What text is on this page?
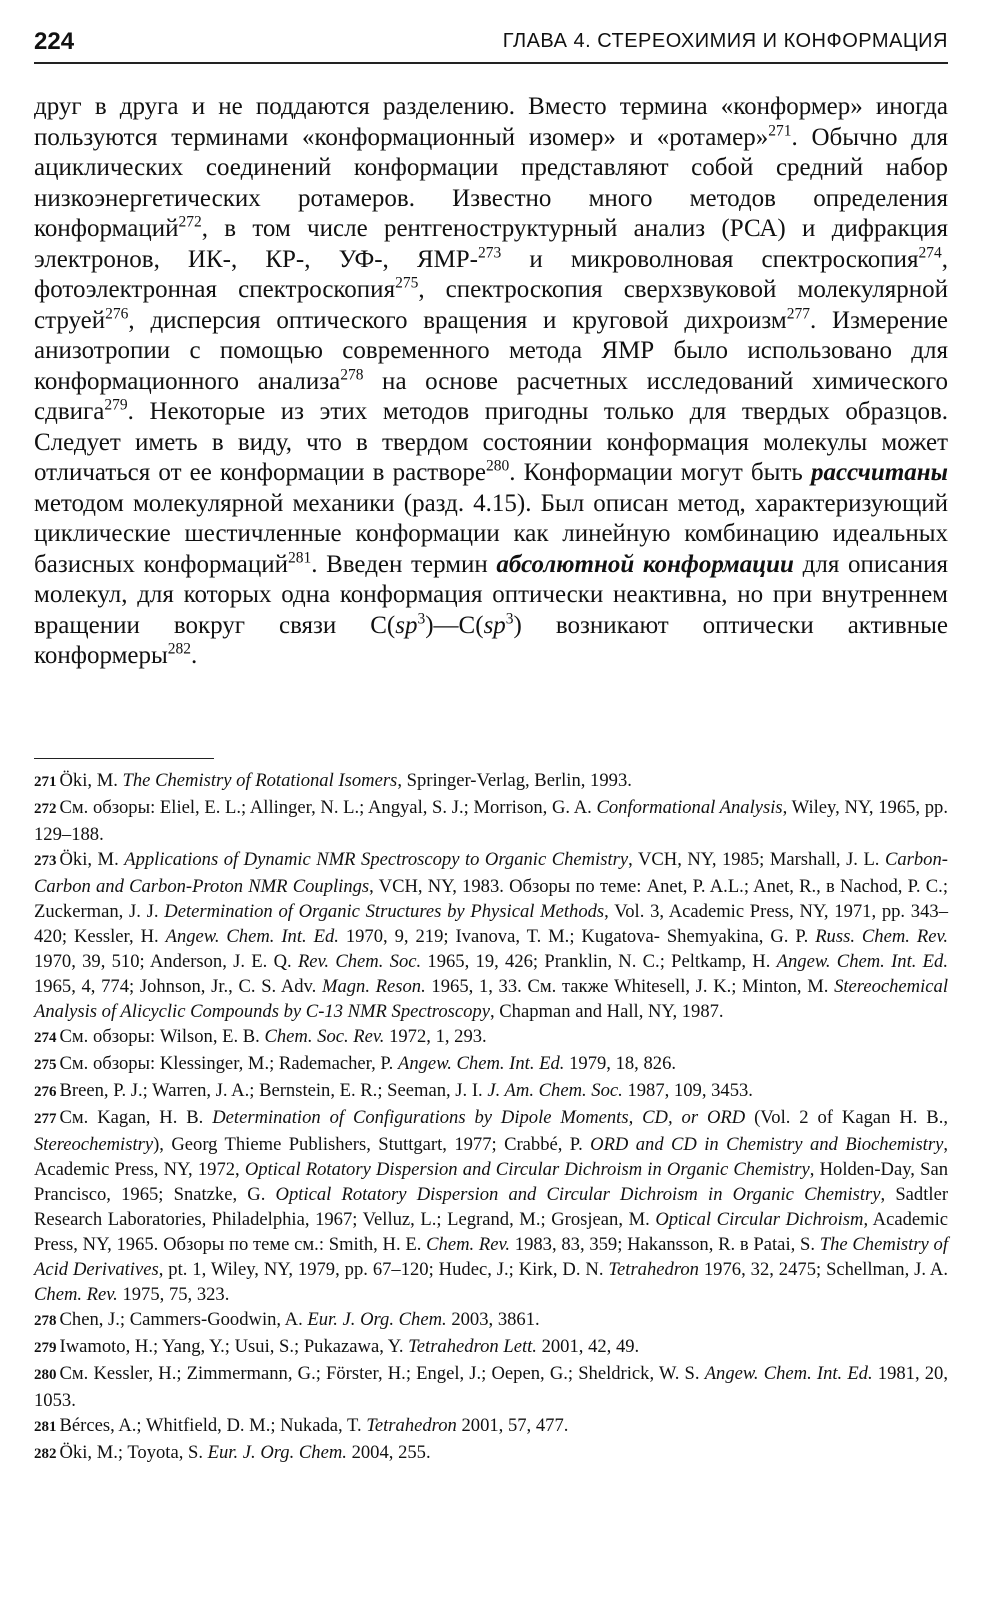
224	ГЛАВА 4. СТЕРЕОХИМИЯ И КОНФОРМАЦИЯ

друг в друга и не поддаются разделению. Вместо термина «конформер» иногда пользуются терминами «конформационный изомер» и «ротамер»$^{271}$. Обычно для ациклических соединений конформации представляют собой средний набор низкоэнергетических ротамеров. Известно много методов определения конформаций$^{272}$, в том числе рентгеноструктурный анализ (РСА) и дифракция электронов, ИК-, КР-, УФ-, ЯМР-$^{273}$ и микроволновая спектроскопия$^{274}$, фотоэлектронная спектроскопия$^{275}$, спектроскопия сверхзвуковой молекулярной струей$^{276}$, дисперсия оптического вращения и круговой дихроизм$^{277}$. Измерение анизотропии с помощью современного метода ЯМР было использовано для конформационного анализа$^{278}$ на основе расчетных исследований химического сдвига$^{279}$. Некоторые из этих методов пригодны только для твердых образцов. Следует иметь в виду, что в твердом состоянии конформация молекулы может отличаться от ее конформации в растворе$^{280}$. Конформации могут быть рассчитаны методом молекулярной механики (разд. 4.15). Был описан метод, характеризующий циклические шестичленные конформации как линейную комбинацию идеальных базисных конформаций$^{281}$. Введен термин абсолютной конформации для описания молекул, для которых одна конформация оптически неактивна, но при внутреннем вращении вокруг связи $C(sp^3)—C(sp^3)$ возникают оптически активные конформеры$^{282}$.

271 Öki, M. The Chemistry of Rotational Isomers, Springer-Verlag, Berlin, 1993.

272 См. обзоры: Eliel, E. L.; Allinger, N. L.; Angyal, S. J.; Morrison, G. A. Conformational Analysis, Wiley, NY, 1965, pp. 129–188.

273 Öki, M. Applications of Dynamic NMR Spectroscopy to Organic Chemistry, VCH, NY, 1985; Marshall, J. L. Carbon-Carbon and Carbon-Proton NMR Couplings, VCH, NY, 1983. Обзоры по теме: Anet, P. A.L.; Anet, R., в Nachod, P. C.; Zuckerman, J. J. Determination of Organic Structures by Physical Methods, Vol. 3, Academic Press, NY, 1971, pp. 343–420; Kessler, H. Angew. Chem. Int. Ed. 1970, 9, 219; Ivanova, T. M.; Kugatova- Shemyakina, G. P. Russ. Chem. Rev. 1970, 39, 510; Anderson, J. E. Q. Rev. Chem. Soc. 1965, 19, 426; Pranklin, N. C.; Peltkamp, H. Angew. Chem. Int. Ed. 1965, 4, 774; Johnson, Jr., C. S. Adv. Magn. Reson. 1965, 1, 33. См. также Whitesell, J. K.; Minton, M. Stereochemical Analysis of Alicyclic Compounds by C-13 NMR Spectroscopy, Chapman and Hall, NY, 1987.

274 См. обзоры: Wilson, E. B. Chem. Soc. Rev. 1972, 1, 293.

275 См. обзоры: Klessinger, M.; Rademacher, P. Angew. Chem. Int. Ed. 1979, 18, 826.

276 Breen, P. J.; Warren, J. A.; Bernstein, E. R.; Seeman, J. I. J. Am. Chem. Soc. 1987, 109, 3453.

277 См. Kagan, H. B. Determination of Configurations by Dipole Moments, CD, or ORD (Vol. 2 of Kagan H. B., Stereochemistry), Georg Thieme Publishers, Stuttgart, 1977; Crabbé, P. ORD and CD in Chemistry and Biochemistry, Academic Press, NY, 1972, Optical Rotatory Dispersion and Circular Dichroism in Organic Chemistry, Holden-Day, San Prancisco, 1965; Snatzke, G. Optical Rotatory Dispersion and Circular Dichroism in Organic Chemistry, Sadtler Research Laboratories, Philadelphia, 1967; Velluz, L.; Legrand, M.; Grosjean, M. Optical Circular Dichroism, Academic Press, NY, 1965. Обзоры по теме см.: Smith, H. E. Chem. Rev. 1983, 83, 359; Hakansson, R. в Patai, S. The Chemistry of Acid Derivatives, pt. 1, Wiley, NY, 1979, pp. 67–120; Hudec, J.; Kirk, D. N. Tetrahedron 1976, 32, 2475; Schellman, J. A. Chem. Rev. 1975, 75, 323.

278 Chen, J.; Cammers-Goodwin, A. Eur. J. Org. Chem. 2003, 3861.

279 Iwamoto, H.; Yang, Y.; Usui, S.; Pukazawa, Y. Tetrahedron Lett. 2001, 42, 49.

280 См. Kessler, H.; Zimmermann, G.; Förster, H.; Engel, J.; Oepen, G.; Sheldrick, W. S. Angew. Chem. Int. Ed. 1981, 20, 1053.

281 Bérces, A.; Whitfield, D. M.; Nukada, T. Tetrahedron 2001, 57, 477.

282 Öki, M.; Toyota, S. Eur. J. Org. Chem. 2004, 255.
